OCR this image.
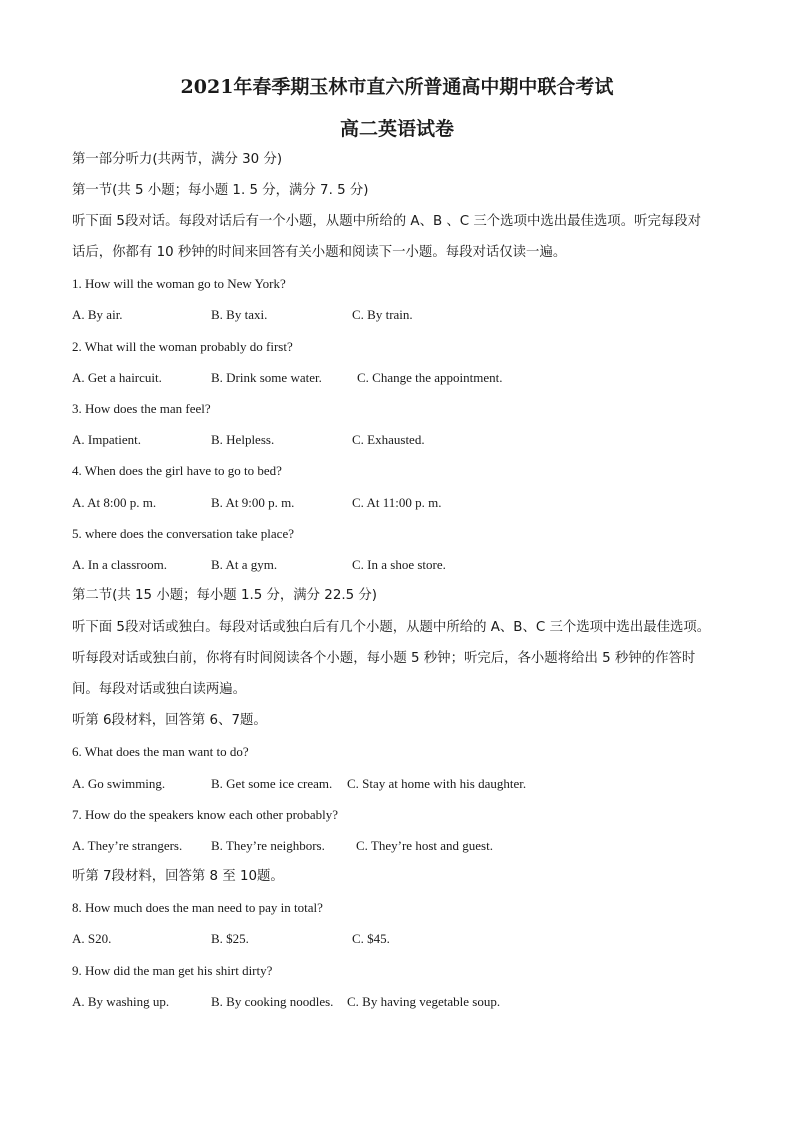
2021年春季期玉林市直六所普通高中期中联合考试
高二英语试卷
第一部分听力(共两节，满分 30 分)
第一节(共 5 小题；每小题 1. 5 分，满分 7. 5 分)
听下面 5段对话。每段对话后有一个小题，从题中所给的 A、B 、C 三个选项中选出最佳选项。听完每段对
话后，你都有 10 秒钟的时间来回答有关小题和阅读下一小题。每段对话仅读一遍。
1. How will the woman go to New York?
A. By air.	B. By taxi.	C. By train.
2. What will the woman probably do first?
A. Get a haircuit.	B. Drink some water.	C. Change the appointment.
3. How does the man feel?
A. Impatient.	B. Helpless.	C. Exhausted.
4. When does the girl have to go to bed?
A. At 8:00 p. m.	B. At 9:00 p. m.	C. At 11:00 p. m.
5. where does the conversation take place?
A. In a classroom.	B. At a gym.	C. In a shoe store.
第二节(共 15 小题；每小题 1.5 分，满分 22.5 分)
听下面 5段对话或独白。每段对话或独白后有几个小题，从题中所给的 A、B、C 三个选项中选出最佳选项。
听每段对话或独白前，你将有时间阅读各个小题，每小题 5 秒钟；听完后，各小题将给出 5 秒钟的作答时
间。每段对话或独白读两遍。
听第 6段材料，回答第 6、7题。
6. What does the man want to do?
A. Go swimming.	B. Get some ice cream. C. Stay at home with his daughter.
7. How do the speakers know each other probably?
A. They’re strangers. B. They’re neighbors. C. They’re host and guest.
听第 7段材料，回答第 8 至 10题。
8. How much does the man need to pay in total?
A. S20.	B. $25.	C. $45.
9. How did the man get his shirt dirty?
A. By washing up.	B. By cooking noodles. C. By having vegetable soup.
